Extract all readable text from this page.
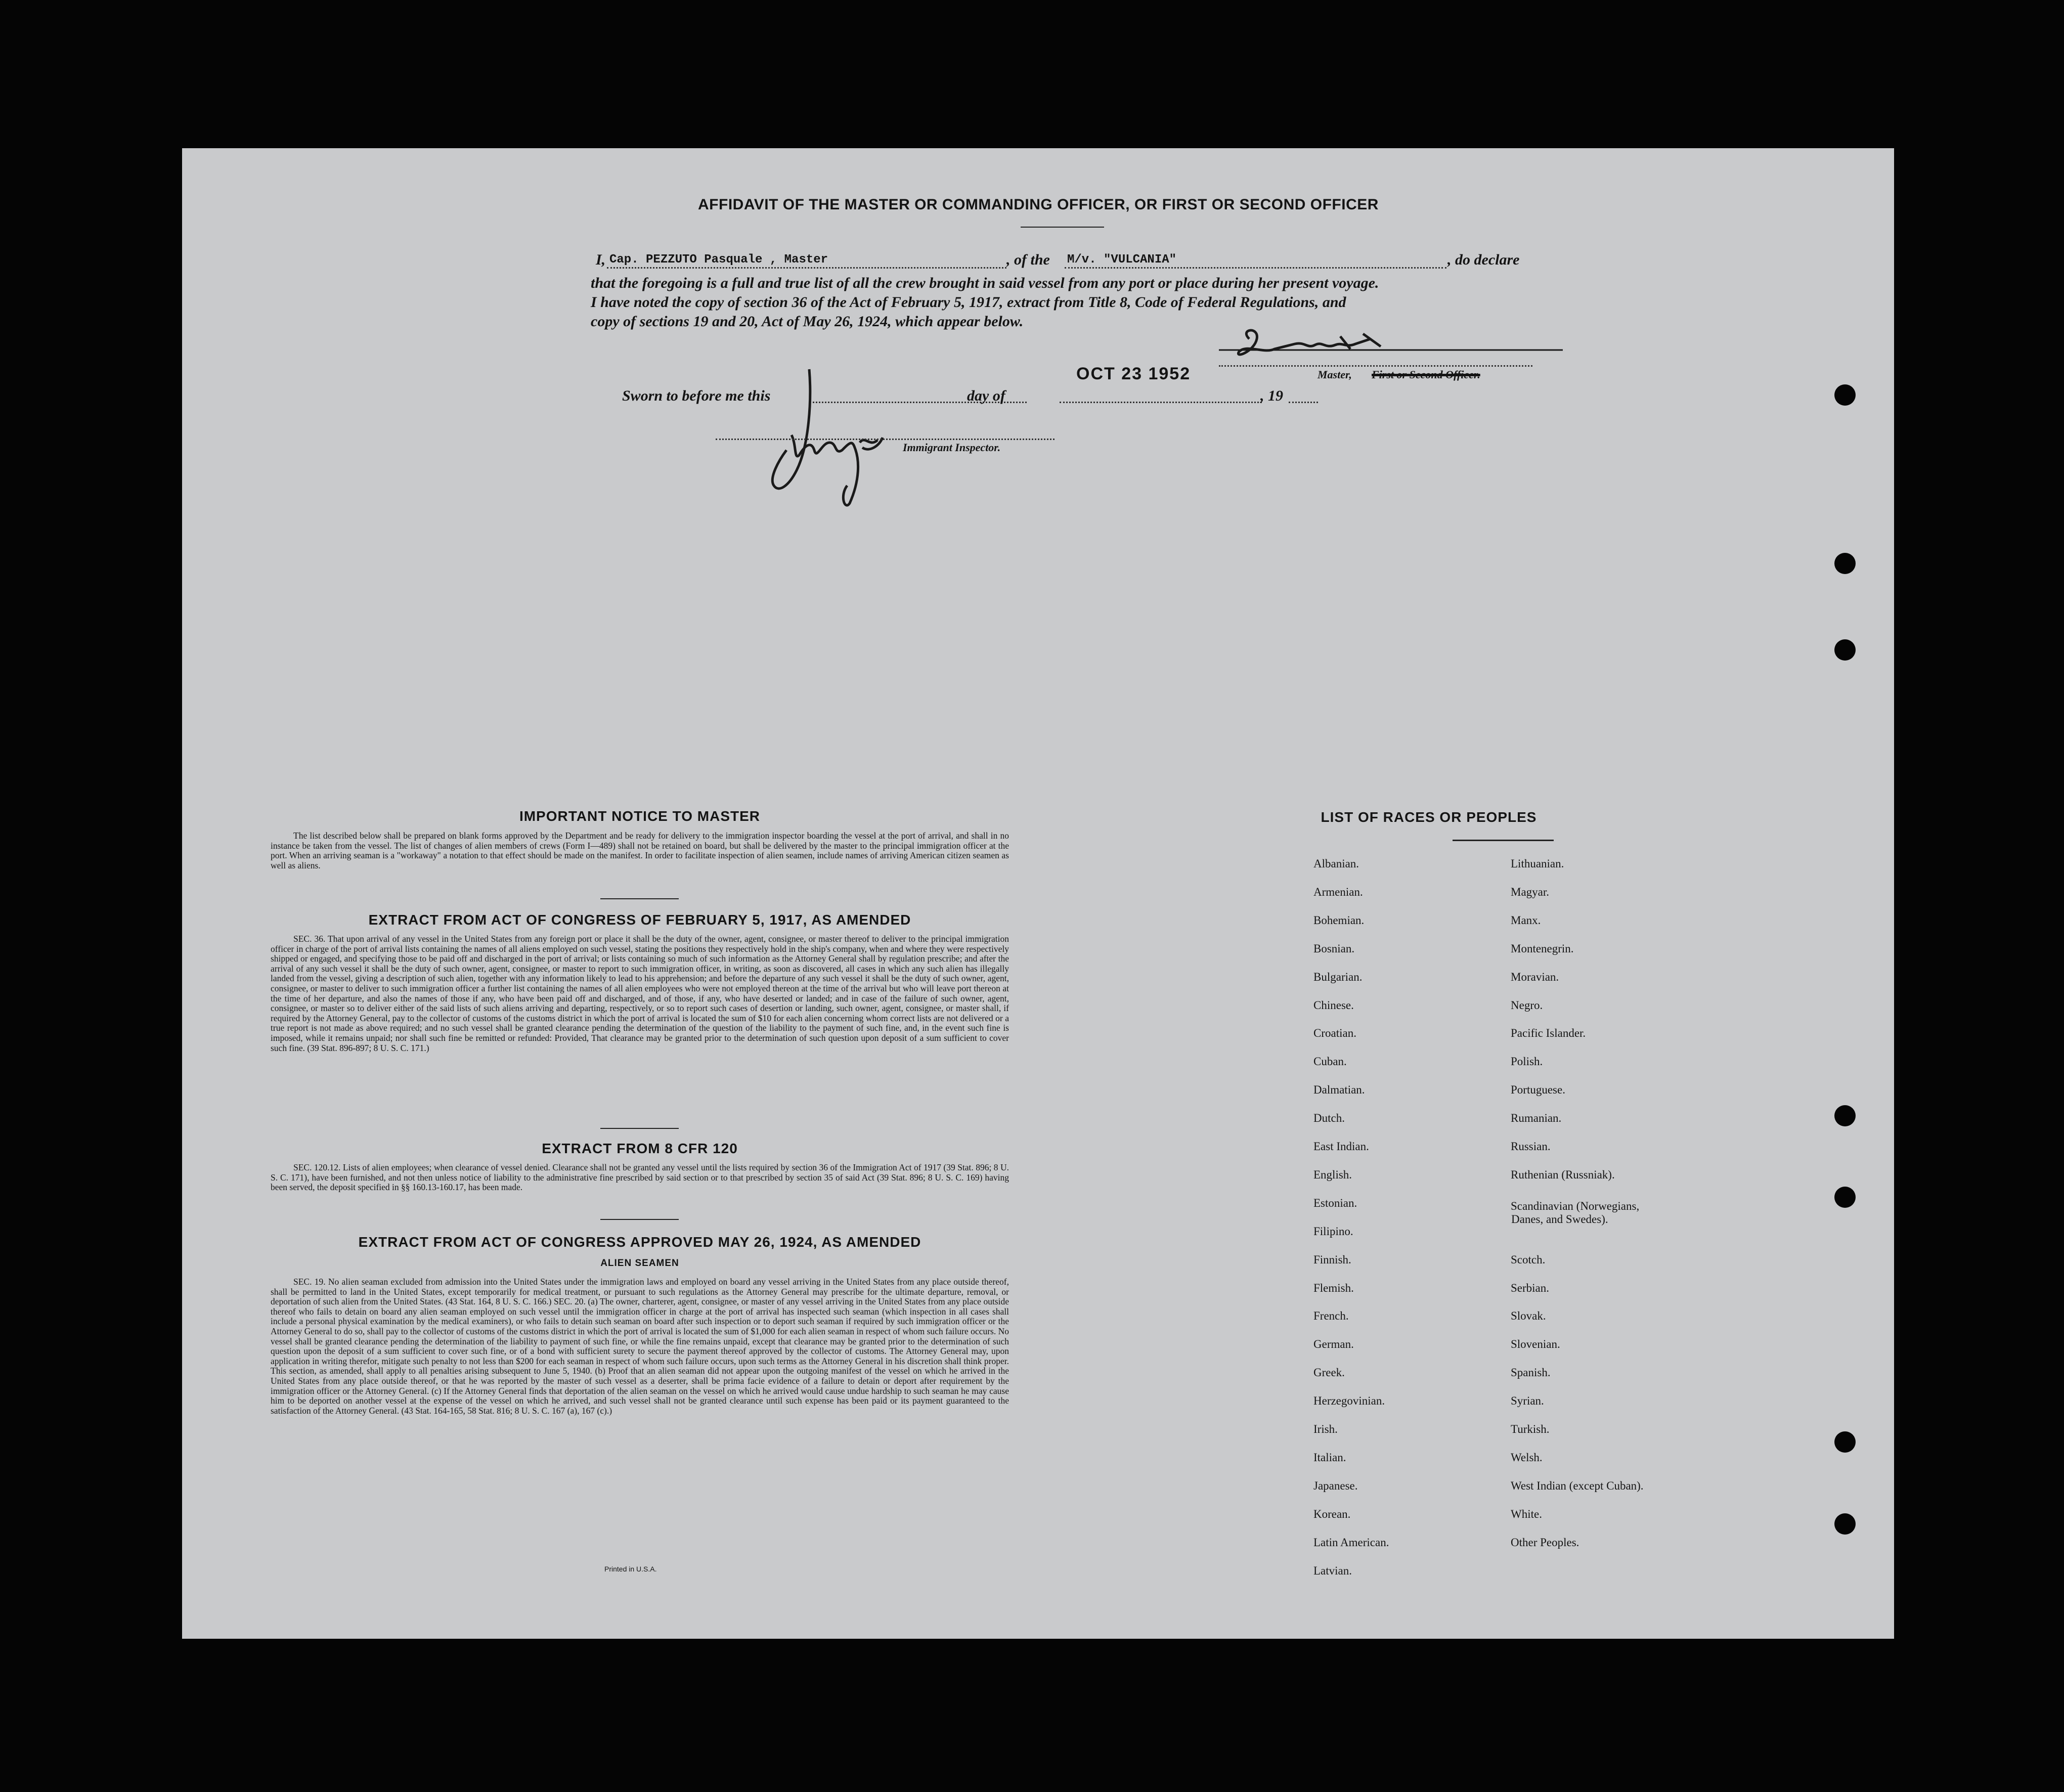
AFFIDAVIT OF THE MASTER OR COMMANDING OFFICER, OR FIRST OR SECOND OFFICER
I, Cap. PEZZUTO Pasquale , Master	, of the M/v. "VULCANIA"	, do declare
that the foregoing is a full and true list of all the crew brought in said vessel from any port or place during her present voyage.
I have noted the copy of section 36 of the Act of February 5, 1917, extract from Title 8, Code of Federal Regulations, and
copy of sections 19 and 20, Act of May 26, 1924, which appear below.
Master, First or Second Officer.
OCT 23 1952
Sworn to before me this	day of	, 19
Immigrant Inspector.
IMPORTANT NOTICE TO MASTER
The list described below shall be prepared on blank forms approved by the Department and be ready for delivery to the immigration inspector boarding the vessel at the port of arrival, and shall in no instance be taken from the vessel. The list of changes of alien members of crews (Form I—489) shall not be retained on board, but shall be delivered by the master to the principal immigration officer at the port. When an arriving seaman is a "workaway" a notation to that effect should be made on the manifest. In order to facilitate inspection of alien seamen, include names of arriving American citizen seamen as well as aliens.
EXTRACT FROM ACT OF CONGRESS OF FEBRUARY 5, 1917, AS AMENDED
SEC. 36. That upon arrival of any vessel in the United States from any foreign port or place it shall be the duty of the owner, agent, consignee, or master thereof to deliver to the principal immigration officer in charge of the port of arrival lists containing the names of all aliens employed on such vessel, stating the positions they respectively hold in the ship's company, when and where they were respectively shipped or engaged, and specifying those to be paid off and discharged in the port of arrival; or lists containing so much of such information as the Attorney General shall by regulation prescribe; and after the arrival of any such vessel it shall be the duty of such owner, agent, consignee, or master to report to such immigration officer, in writing, as soon as discovered, all cases in which any such alien has illegally landed from the vessel, giving a description of such alien, together with any information likely to lead to his apprehension; and before the departure of any such vessel it shall be the duty of such owner, agent, consignee, or master to deliver to such immigration officer a further list containing the names of all alien employees who were not employed thereon at the time of the arrival but who will leave port thereon at the time of her departure, and also the names of those if any, who have been paid off and discharged, and of those, if any, who have deserted or landed; and in case of the failure of such owner, agent, consignee, or master so to deliver either of the said lists of such aliens arriving and departing, respectively, or so to report such cases of desertion or landing, such owner, agent, consignee, or master shall, if required by the Attorney General, pay to the collector of customs of the customs district in which the port of arrival is located the sum of $10 for each alien concerning whom correct lists are not delivered or a true report is not made as above required; and no such vessel shall be granted clearance pending the determination of the question of the liability to the payment of such fine, and, in the event such fine is imposed, while it remains unpaid; nor shall such fine be remitted or refunded: Provided, That clearance may be granted prior to the determination of such question upon deposit of a sum sufficient to cover such fine. (39 Stat. 896-897; 8 U. S. C. 171.)
EXTRACT FROM 8 CFR 120
SEC. 120.12. Lists of alien employees; when clearance of vessel denied. Clearance shall not be granted any vessel until the lists required by section 36 of the Immigration Act of 1917 (39 Stat. 896; 8 U. S. C. 171), have been furnished, and not then unless notice of liability to the administrative fine prescribed by said section or to that prescribed by section 35 of said Act (39 Stat. 896; 8 U. S. C. 169) having been served, the deposit specified in §§ 160.13-160.17, has been made.
EXTRACT FROM ACT OF CONGRESS APPROVED MAY 26, 1924, AS AMENDED
ALIEN SEAMEN
SEC. 19. No alien seaman excluded from admission into the United States under the immigration laws and employed on board any vessel arriving in the United States from any place outside thereof, shall be permitted to land in the United States, except temporarily for medical treatment, or pursuant to such regulations as the Attorney General may prescribe for the ultimate departure, removal, or deportation of such alien from the United States. (43 Stat. 164, 8 U. S. C. 166.) SEC. 20. (a) The owner, charterer, agent, consignee, or master of any vessel arriving in the United States from any place outside thereof who fails to detain on board any alien seaman employed on such vessel until the immigration officer in charge at the port of arrival has inspected such seaman (which inspection in all cases shall include a personal physical examination by the medical examiners), or who fails to detain such seaman on board after such inspection or to deport such seaman if required by such immigration officer or the Attorney General to do so, shall pay to the collector of customs of the customs district in which the port of arrival is located the sum of $1,000 for each alien seaman in respect of whom such failure occurs. No vessel shall be granted clearance pending the determination of the liability to payment of such fine, or while the fine remains unpaid, except that clearance may be granted prior to the determination of such question upon the deposit of a sum sufficient to cover such fine, or of a bond with sufficient surety to secure the payment thereof approved by the collector of customs. The Attorney General may, upon application in writing therefor, mitigate such penalty to not less than $200 for each seaman in respect of whom such failure occurs, upon such terms as the Attorney General in his discretion shall think proper. This section, as amended, shall apply to all penalties arising subsequent to June 5, 1940. (b) Proof that an alien seaman did not appear upon the outgoing manifest of the vessel on which he arrived in the United States from any place outside thereof, or that he was reported by the master of such vessel as a deserter, shall be prima facie evidence of a failure to detain or deport after requirement by the immigration officer or the Attorney General. (c) If the Attorney General finds that deportation of the alien seaman on the vessel on which he arrived would cause undue hardship to such seaman he may cause him to be deported on another vessel at the expense of the vessel on which he arrived, and such vessel shall not be granted clearance until such expense has been paid or its payment guaranteed to the satisfaction of the Attorney General. (43 Stat. 164-165, 58 Stat. 816; 8 U. S. C. 167 (a), 167 (c).)
Printed in U.S.A.
LIST OF RACES OR PEOPLES
Albanian.
Armenian.
Bohemian.
Bosnian.
Bulgarian.
Chinese.
Croatian.
Cuban.
Dalmatian.
Dutch.
East Indian.
English.
Estonian.
Filipino.
Finnish.
Flemish.
French.
German.
Greek.
Herzegovinian.
Irish.
Italian.
Japanese.
Korean.
Latin American.
Latvian.
Lithuanian.
Magyar.
Manx.
Montenegrin.
Moravian.
Negro.
Pacific Islander.
Polish.
Portuguese.
Rumanian.
Russian.
Ruthenian (Russniak).
Scandinavian (Norwegians,
Danes, and Swedes).
Scotch.
Serbian.
Slovak.
Slovenian.
Spanish.
Syrian.
Turkish.
Welsh.
West Indian (except Cuban).
White.
Other Peoples.
